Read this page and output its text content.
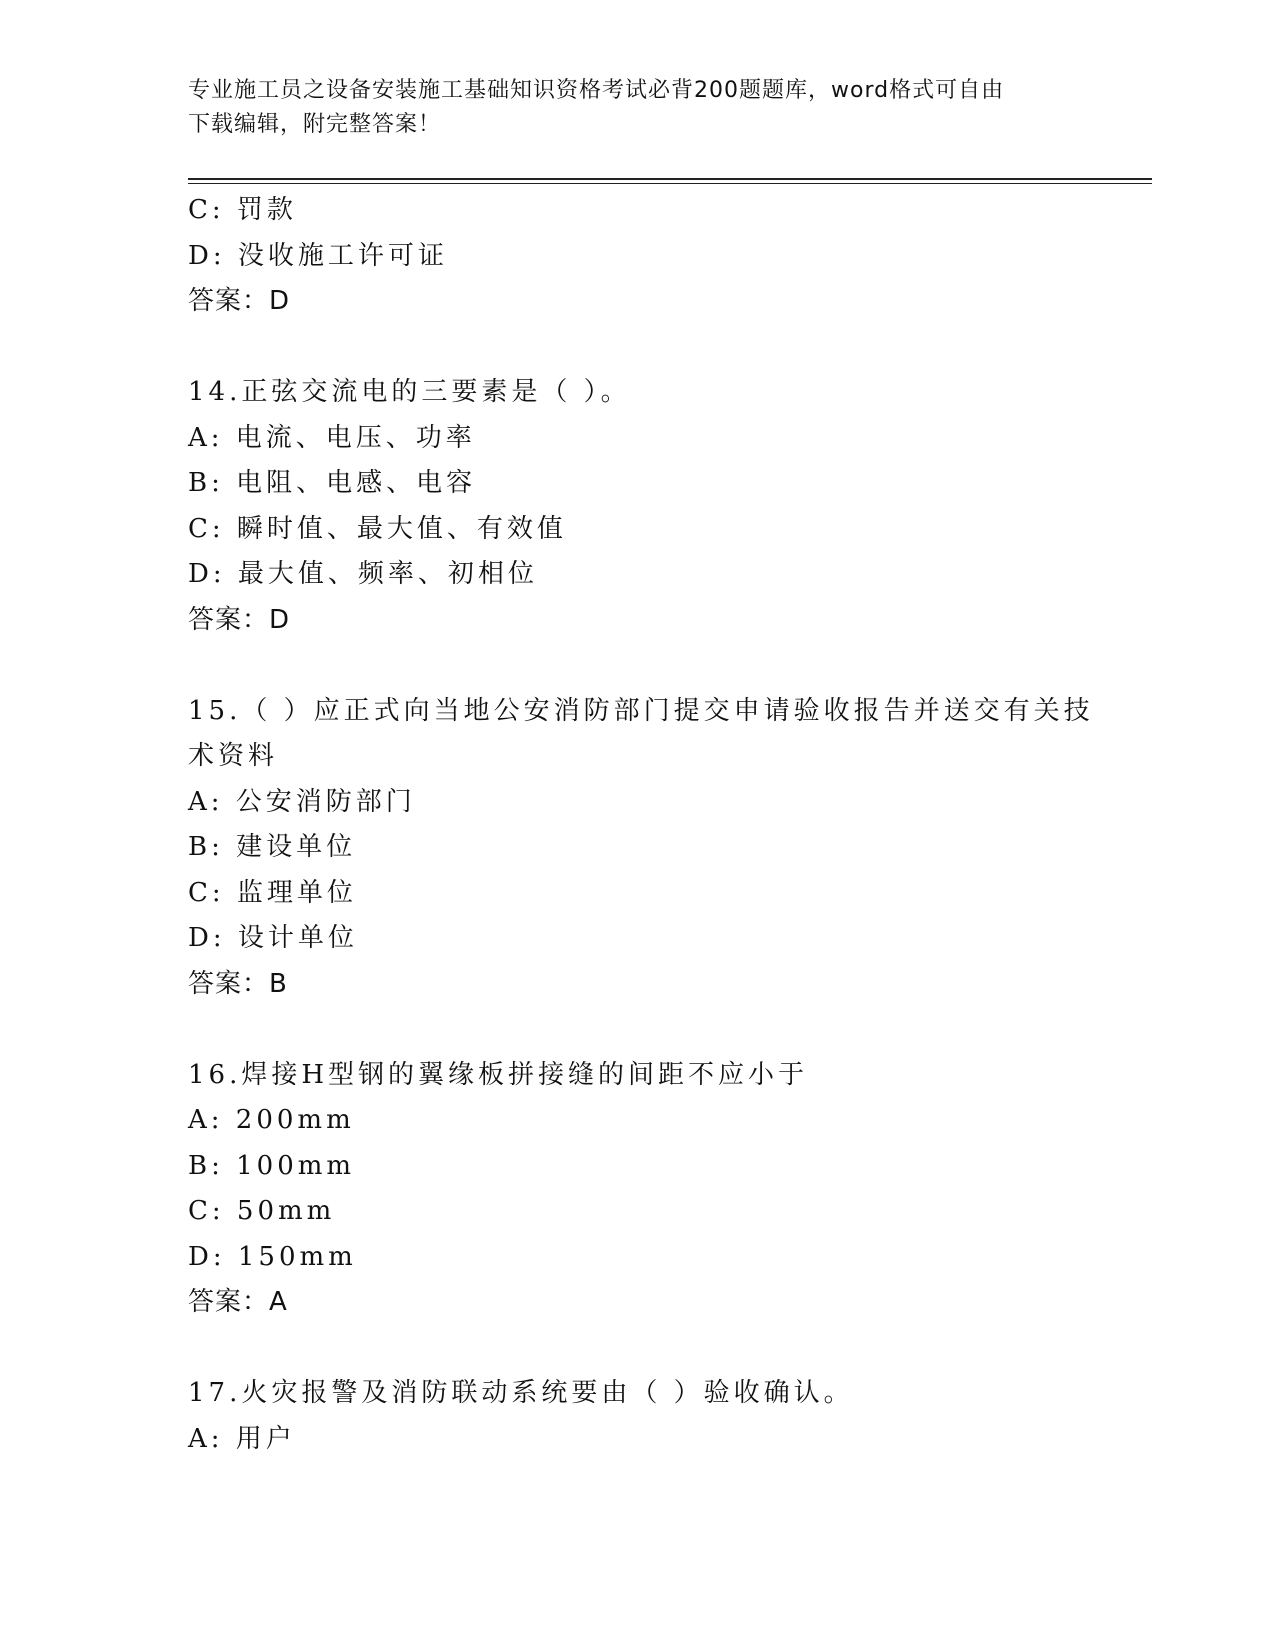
专业施工员之设备安装施工基础知识资格考试必背200题题库，word格式可自由
下载编辑，附完整答案！
C: 罚款
D: 没收施工许可证
答案：D
14.正弦交流电的三要素是（ ）。
A: 电流、电压、功率
B: 电阻、电感、电容
C: 瞬时值、最大值、有效值
D: 最大值、频率、初相位
答案：D
15.（ ）应正式向当地公安消防部门提交申请验收报告并送交有关技
术资料
A: 公安消防部门
B: 建设单位
C: 监理单位
D: 设计单位
答案：B
16.焊接H型钢的翼缘板拼接缝的间距不应小于
A: 200mm
B: 100mm
C: 50mm
D: 150mm
答案：A
17.火灾报警及消防联动系统要由（ ）验收确认。
A: 用户
